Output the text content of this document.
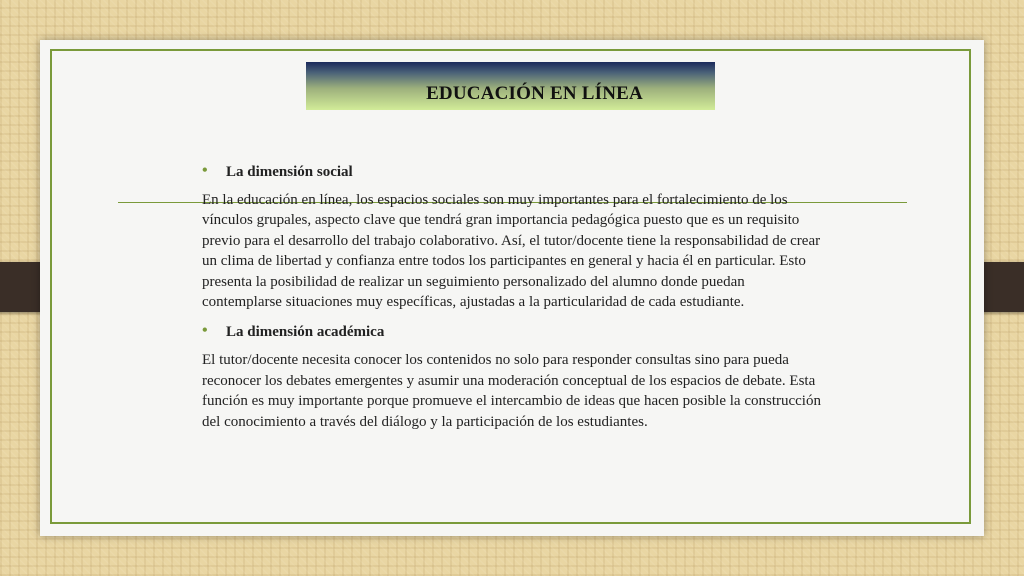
EDUCACIÓN EN LÍNEA
• La dimensión social
En la educación en línea, los espacios sociales son muy importantes para el fortalecimiento de los vínculos grupales, aspecto clave que tendrá gran importancia pedagógica puesto que es un requisito previo para el desarrollo del trabajo colaborativo. Así, el tutor/docente tiene la responsabilidad de crear un clima de libertad y confianza entre todos los participantes en general y hacia él en particular. Esto presenta la posibilidad de realizar un seguimiento personalizado del alumno donde puedan contemplarse situaciones muy específicas, ajustadas a la particularidad de cada estudiante.
• La dimensión académica
El tutor/docente necesita conocer los contenidos no solo para responder consultas sino para pueda reconocer los debates emergentes y asumir una moderación conceptual de los espacios de debate. Esta función es muy importante porque promueve el intercambio de ideas que hacen posible la construcción del conocimiento a través del diálogo y la participación de los estudiantes.
